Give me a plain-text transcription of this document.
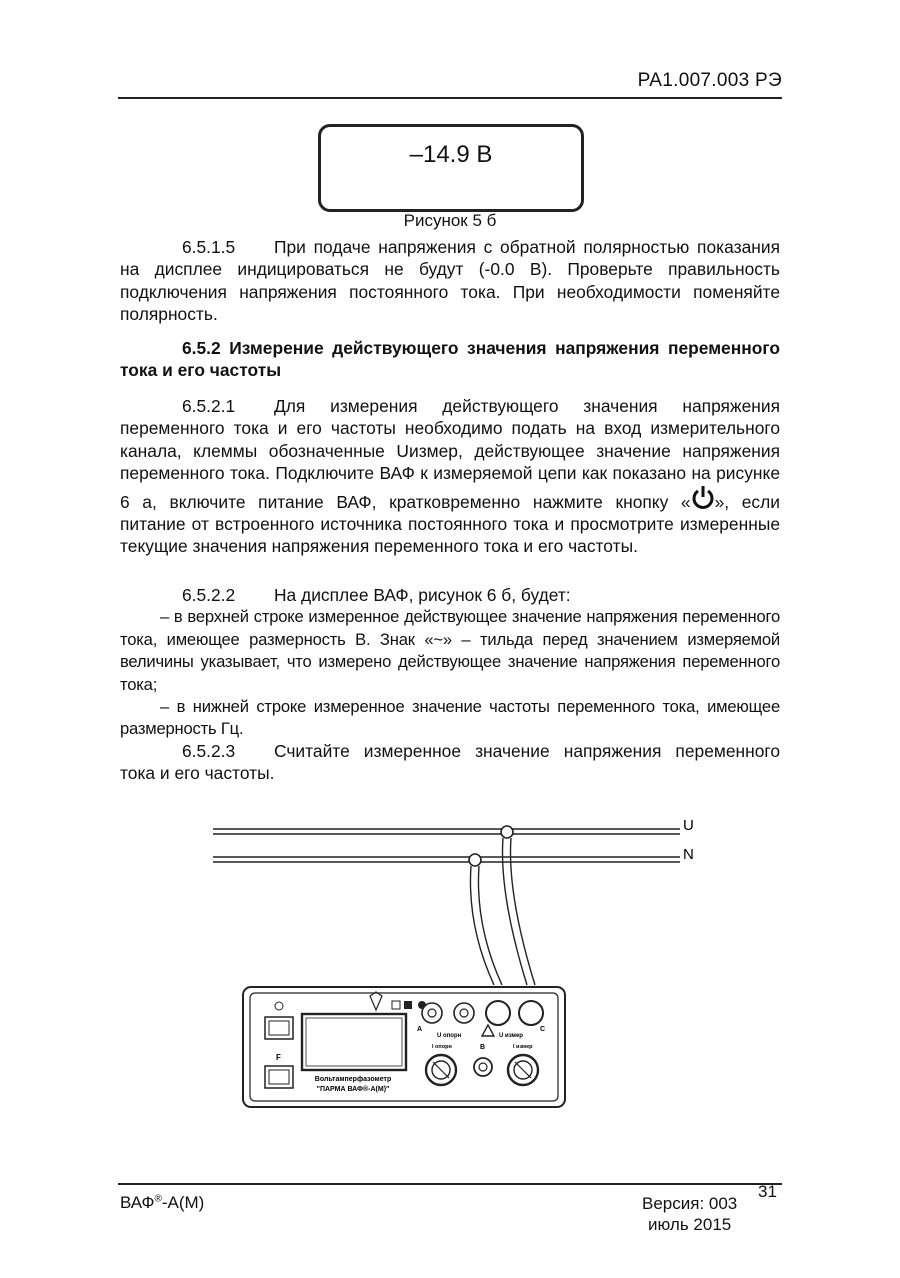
РА1.007.003 РЭ
–14.9 В
Рисунок 5 б

6.5.1.5 При подаче напряжения с обратной полярностью показания на дисплее индицироваться не будут (-0.0 В). Проверьте правильность подключения напряжения постоянного тока. При необходимости поменяйте полярность.

6.5.2 Измерение действующего значения напряжения переменного тока и его частоты

6.5.2.1 Для измерения действующего значения напряжения переменного тока и его частоты необходимо подать на вход измерительного канала, клеммы обозначенные Uизмер, действующее значение напряжения переменного тока. Подключите ВАФ к измеряемой цепи как показано на рисунке 6 а, включите питание ВАФ, кратковременно нажмите кнопку « », если питание от встроенного источника постоянного тока и просмотрите измеренные текущие значения напряжения переменного тока и его частоты.

6.5.2.2 На дисплее ВАФ, рисунок 6 б, будет:

– в верхней строке измеренное действующее значение напряжения переменного тока, имеющее размерность В. Знак «~» – тильда перед значением измеряемой величины указывает, что измерено действующее значение напряжения переменного тока;

– в нижней строке измеренное значение частоты переменного тока, имеющее размерность Гц.

6.5.2.3 Считайте измеренное значение напряжения переменного тока и его частоты.

U
N
F
Вольтамперфазометр
"ПАРМА ВАФ®-А(М)"
A
U опорн	U измер
C
I опорн	B	I измер
ВАФ®-А(М)	Версия: 003
июль 2015
31
